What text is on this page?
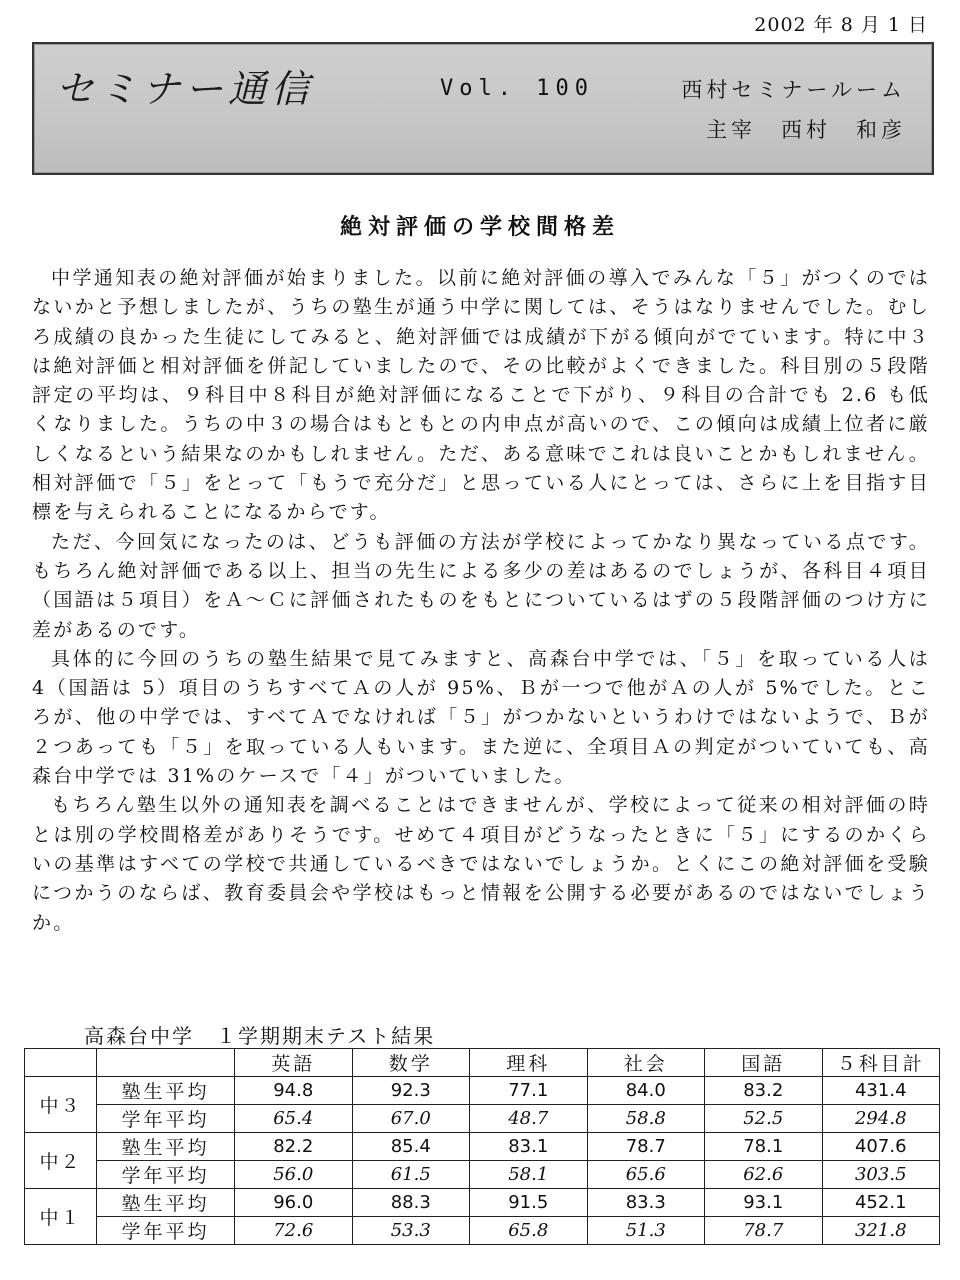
2002 年 8 月 1 日
セミナー通信	Vol. 100	西村セミナールーム
主宰　西村　和彦
絶対評価の学校間格差

中学通知表の絶対評価が始まりました。以前に絶対評価の導入でみんな「５」がつくのではないかと予想しましたが、うちの塾生が通う中学に関しては、そうはなりませんでした。むしろ成績の良かった生徒にしてみると、絶対評価では成績が下がる傾向がでています。特に中３は絶対評価と相対評価を併記していましたので、その比較がよくできました。科目別の５段階評定の平均は、９科目中８科目が絶対評価になることで下がり、９科目の合計でも 2.6 も低くなりました。うちの中３の場合はもともとの内申点が高いので、この傾向は成績上位者に厳しくなるという結果なのかもしれません。ただ、ある意味でこれは良いことかもしれません。相対評価で「５」をとって「もうで充分だ」と思っている人にとっては、さらに上を目指す目標を与えられることになるからです。

ただ、今回気になったのは、どうも評価の方法が学校によってかなり異なっている点です。もちろん絶対評価である以上、担当の先生による多少の差はあるのでしょうが、各科目４項目（国語は５項目）をＡ〜Ｃに評価されたものをもとについているはずの５段階評価のつけ方に差があるのです。

具体的に今回のうちの塾生結果で見てみますと、高森台中学では、「５」を取っている人は 4（国語は 5）項目のうちすべてＡの人が 95%、Ｂが一つで他がＡの人が 5%でした。ところが、他の中学では、すべてＡでなければ「５」がつかないというわけではないようで、Ｂが２つあっても「５」を取っている人もいます。また逆に、全項目Ａの判定がついていても、高森台中学では 31%のケースで「４」がついていました。

もちろん塾生以外の通知表を調べることはできませんが、学校によって従来の相対評価の時とは別の学校間格差がありそうです。せめて４項目がどうなったときに「５」にするのかくらいの基準はすべての学校で共通しているべきではないでしょうか。とくにこの絶対評価を受験につかうのならば、教育委員会や学校はもっと情報を公開する必要があるのではないでしょうか。

高森台中学　１学期期末テスト結果
		英語	数学	理科	社会	国語	５科目計
中３	塾生平均	94.8	92.3	77.1	84.0	83.2	431.4
	学年平均	65.4	67.0	48.7	58.8	52.5	294.8
中２	塾生平均	82.2	85.4	83.1	78.7	78.1	407.6
	学年平均	56.0	61.5	58.1	65.6	62.6	303.5
中１	塾生平均	96.0	88.3	91.5	83.3	93.1	452.1
	学年平均	72.6	53.3	65.8	51.3	78.7	321.8
